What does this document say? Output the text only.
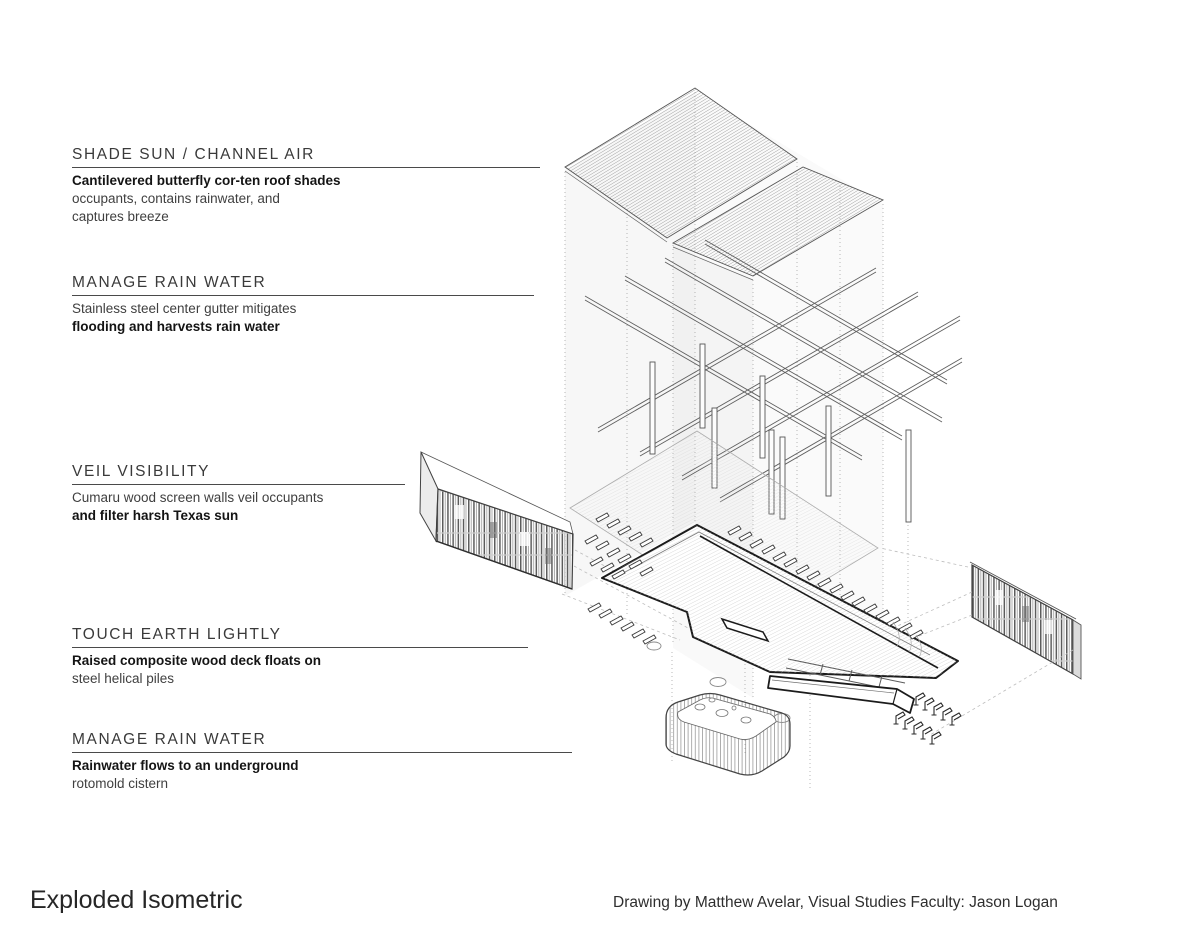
SHADE SUN / CHANNEL AIR

Cantilevered butterfly cor-ten roof shades

occupants, contains rainwater, and

captures breeze

MANAGE RAIN WATER

Stainless steel center gutter mitigates

flooding and harvests rain water

VEIL VISIBILITY

Cumaru wood screen walls veil occupants

and filter harsh Texas sun

TOUCH EARTH LIGHTLY

Raised composite wood deck floats on

steel helical piles

MANAGE RAIN WATER

Rainwater flows to an underground

rotomold cistern

Exploded Isometric	Drawing by Matthew Avelar, Visual Studies Faculty: Jason Logan
